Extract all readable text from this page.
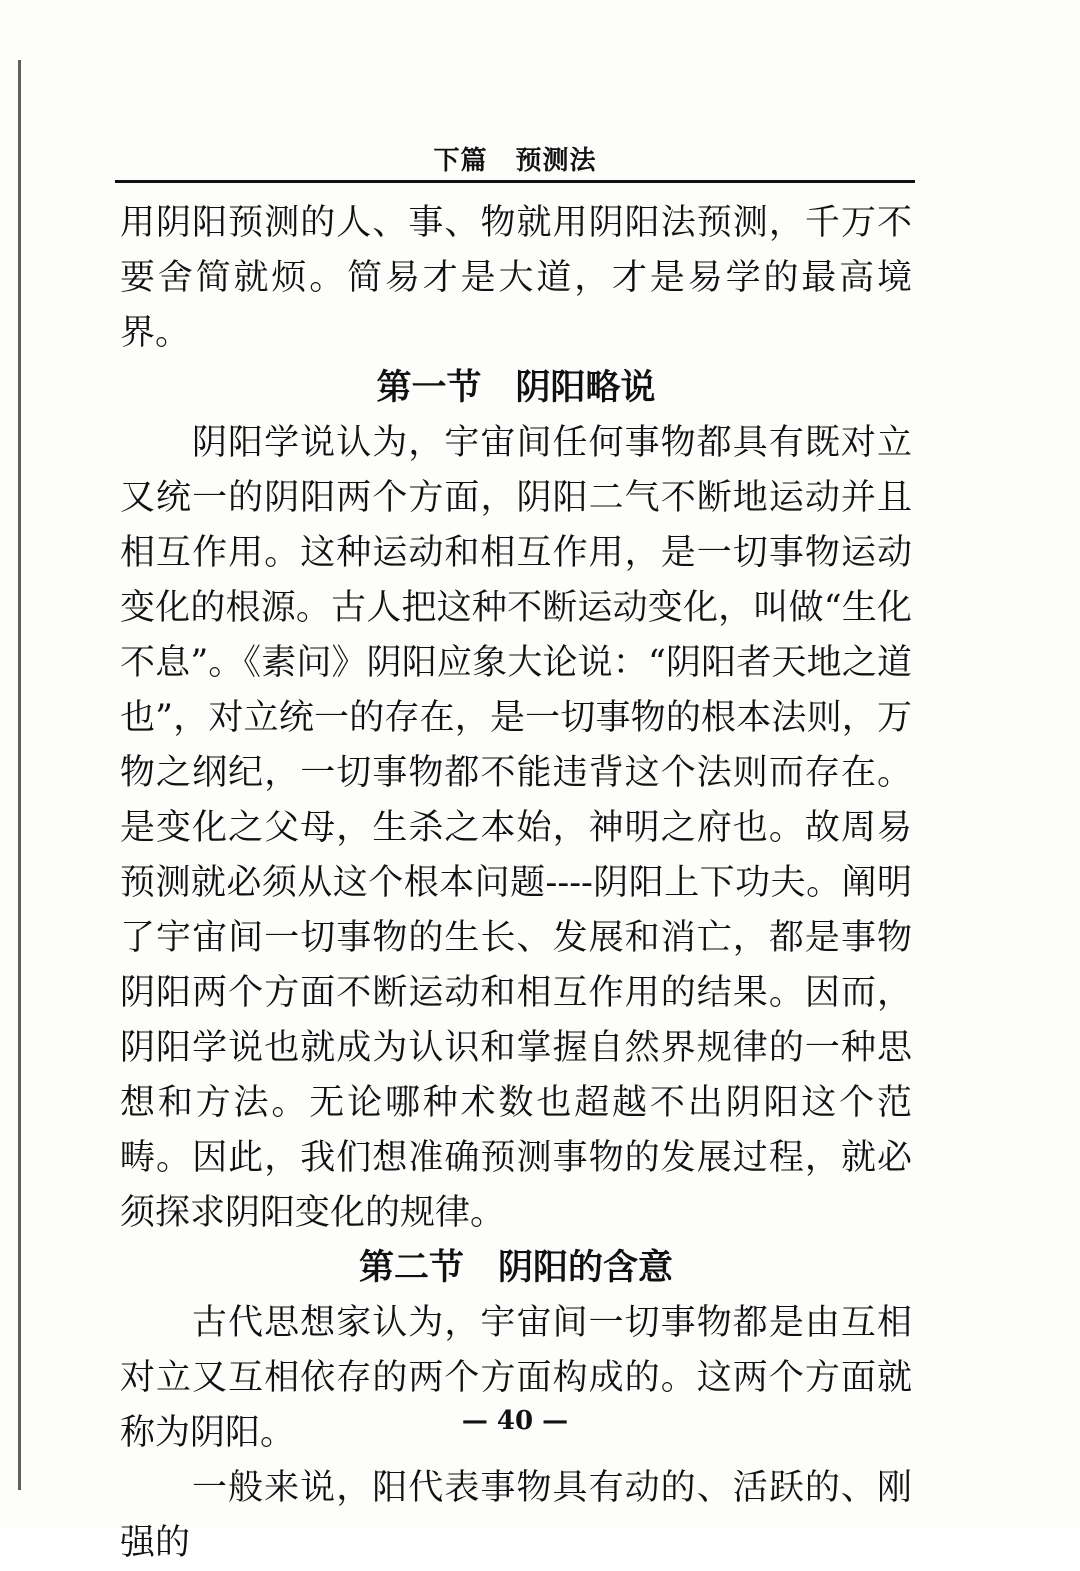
下篇 预测法

用阴阳预测的人、事、物就用阴阳法预测，千万不要舍简就烦。简易才是大道，才是易学的最高境界。

第一节 阴阳略说

阴阳学说认为，宇宙间任何事物都具有既对立又统一的阴阳两个方面，阴阳二气不断地运动并且相互作用。这种运动和相互作用，是一切事物运动变化的根源。古人把这种不断运动变化，叫做“生化不息”。《素问》阴阳应象大论说：“阴阳者天地之道也”，对立统一的存在，是一切事物的根本法则，万物之纲纪，一切事物都不能违背这个法则而存在。是变化之父母，生杀之本始，神明之府也。故周易预测就必须从这个根本问题----阴阳上下功夫。阐明了宇宙间一切事物的生长、发展和消亡，都是事物阴阳两个方面不断运动和相互作用的结果。因而，阴阳学说也就成为认识和掌握自然界规律的一种思想和方法。无论哪种术数也超越不出阴阳这个范畴。因此，我们想准确预测事物的发展过程，就必须探求阴阳变化的规律。

第二节 阴阳的含意

古代思想家认为，宇宙间一切事物都是由互相对立又互相依存的两个方面构成的。这两个方面就称为阴阳。

一般来说，阳代表事物具有动的、活跃的、刚强的

— 40 —
